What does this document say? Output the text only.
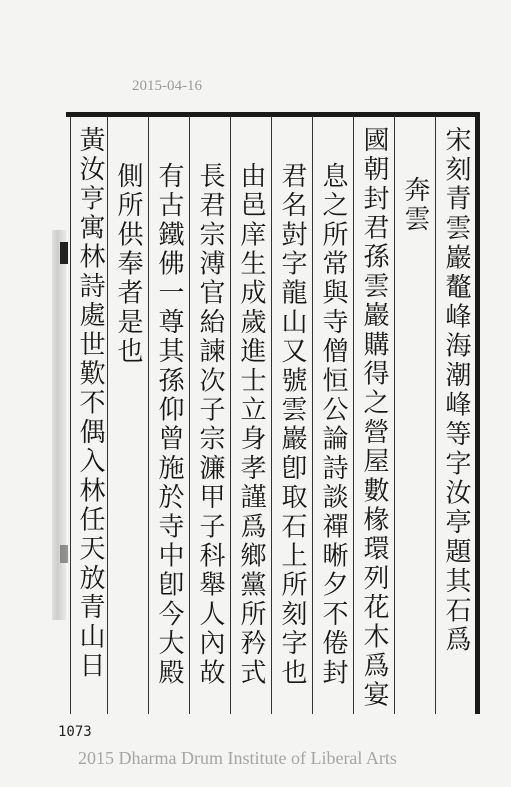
2015-04-16
宋刻青雲巖鼇峰海潮峰等字汝亭題其石爲
奔雲
國朝封君孫雲巖購得之營屋數椽環列花木爲宴
息之所常與寺僧恒公論詩談禪晰夕不倦封
君名尌字龍山又號雲巖卽取石上所刻字也
由邑庠生成歲進士立身孝謹爲鄉黨所矜式
長君宗溥官紿諫次子宗濂甲子科舉人內故
有古鐵佛一尊其孫仰曾施於寺中卽今大殿
側所供奉者是也
黃汝亨寓林詩處世歎不偶入林任天放青山日
1073
2015 Dharma Drum Institute of Liberal Arts
